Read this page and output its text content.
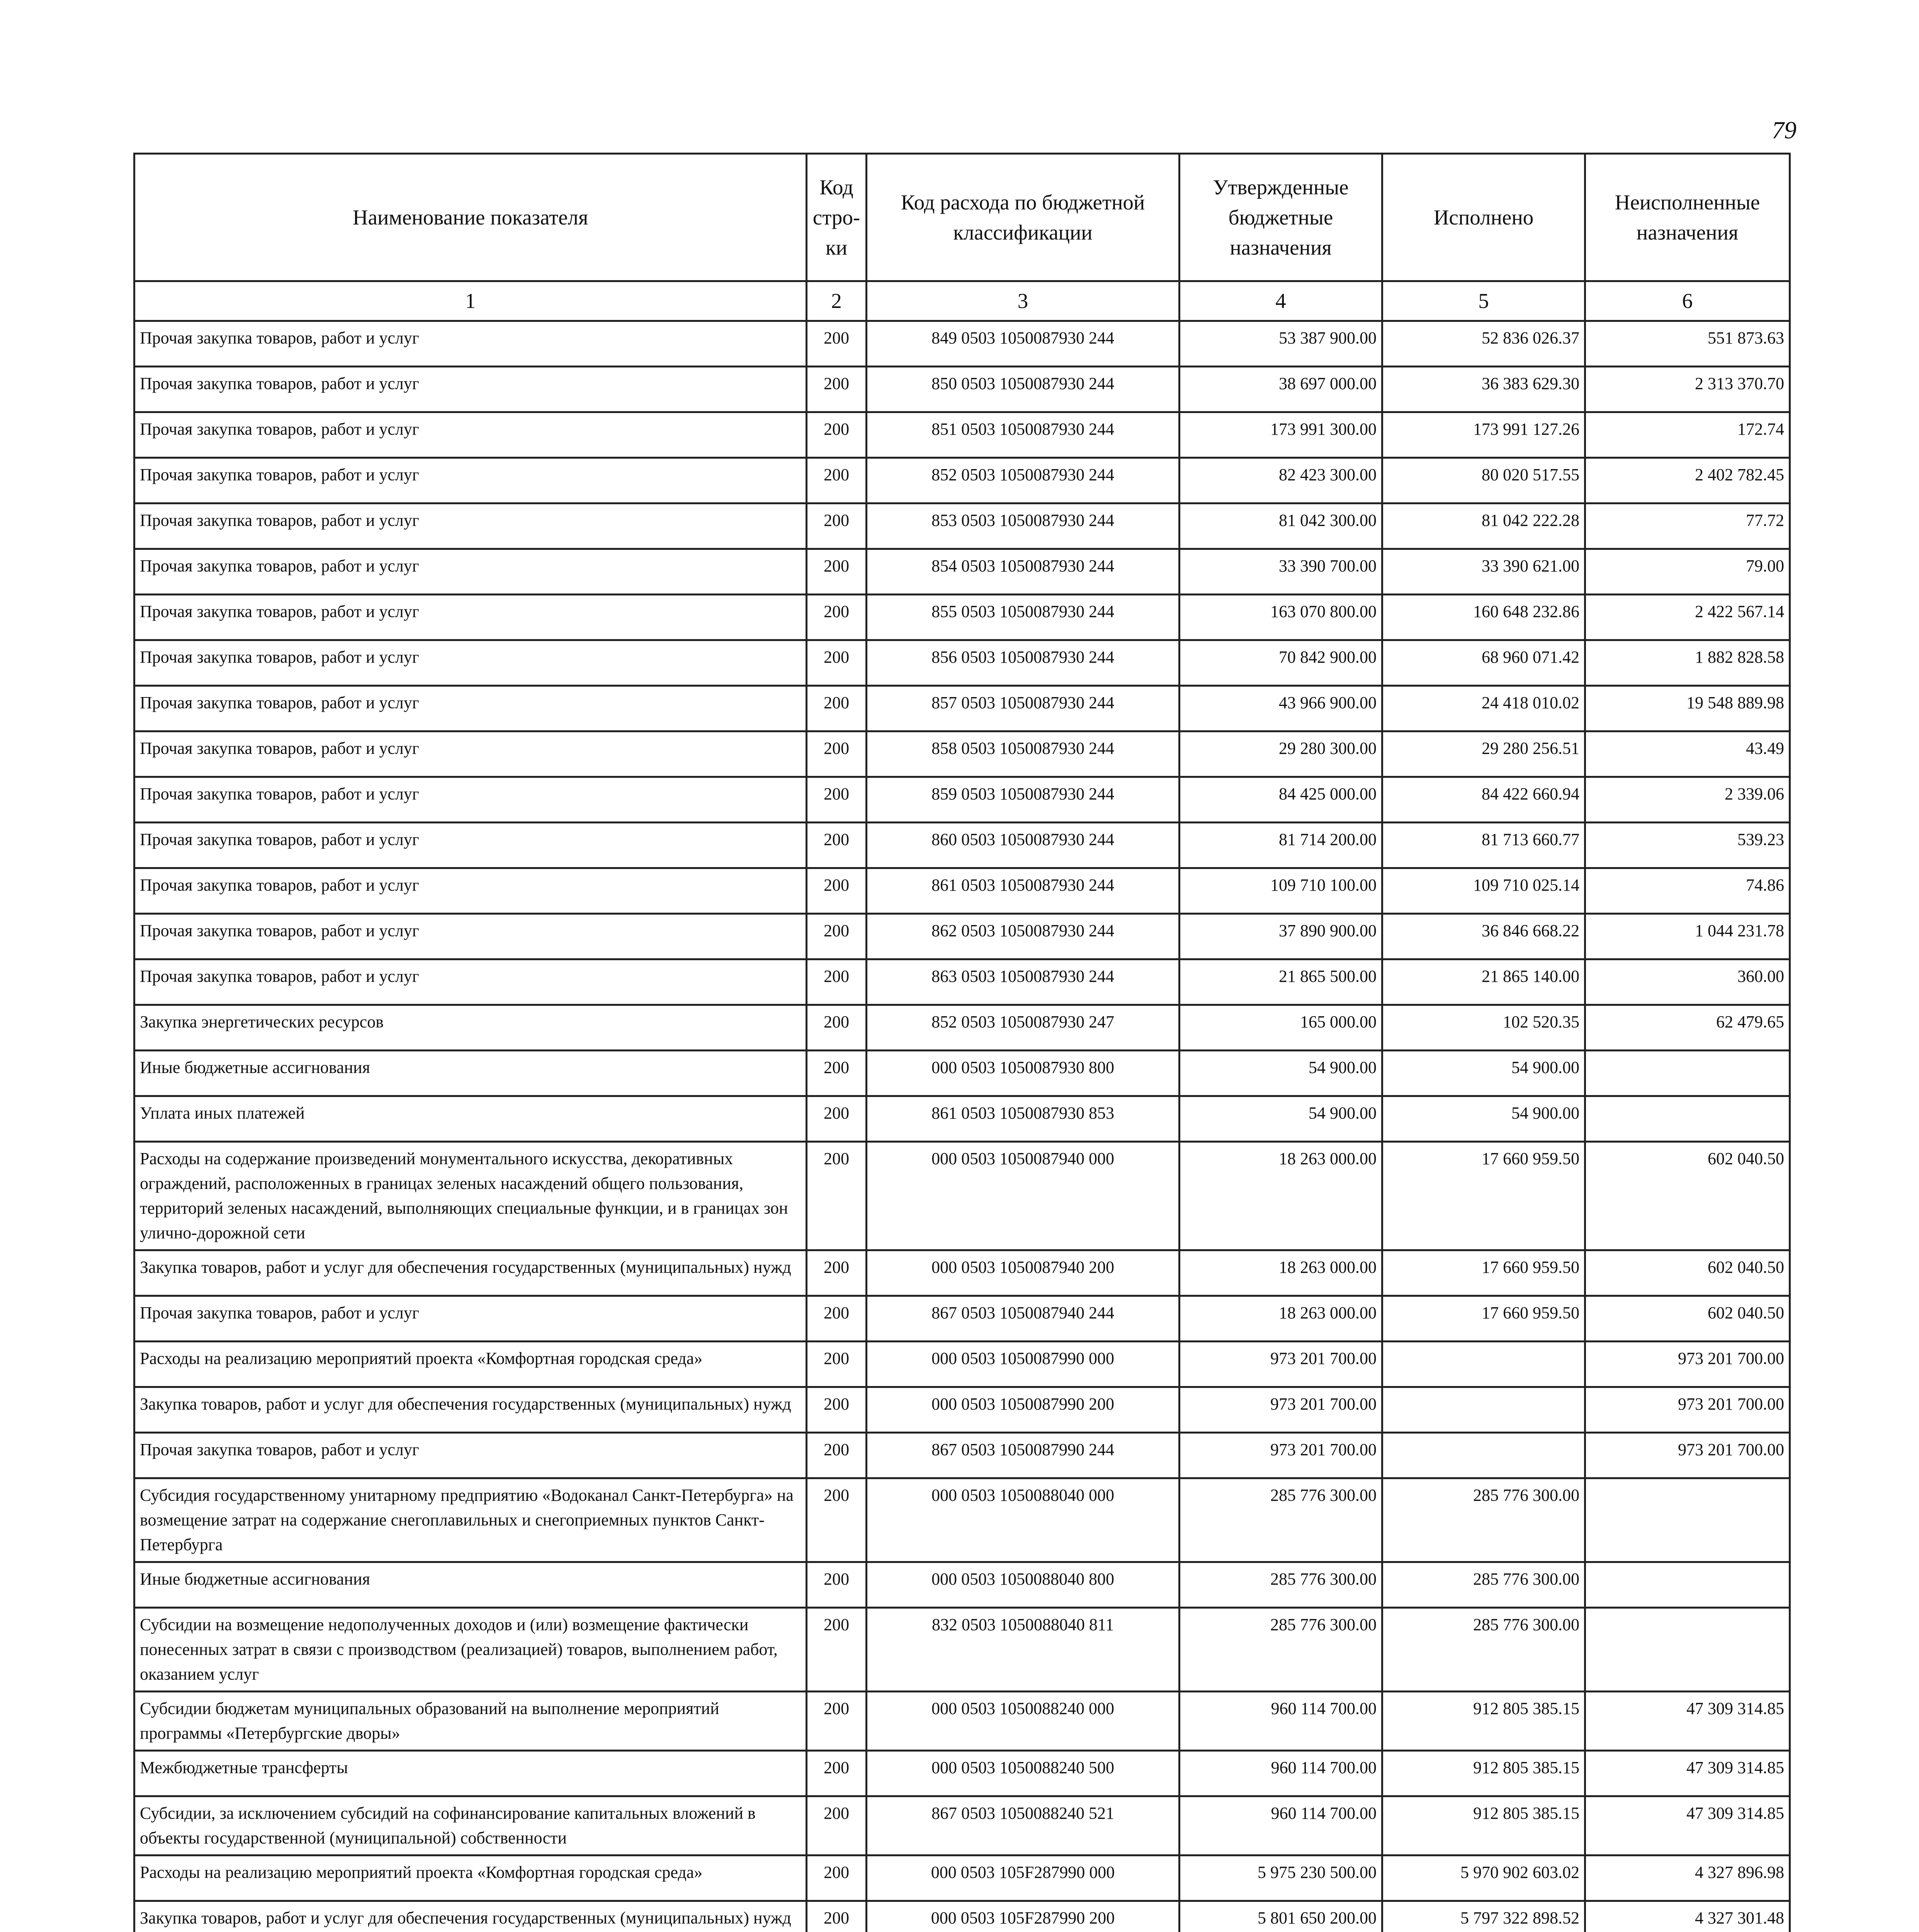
79
Наименование показателя	Код стро-ки	Код расхода по бюджетной классификации	Утвержденные бюджетные назначения	Исполнено	Неисполненные назначения
1	2	3	4	5	6
Прочая закупка товаров, работ и услуг	200	849 0503 1050087930 244	53 387 900.00	52 836 026.37	551 873.63
Прочая закупка товаров, работ и услуг	200	850 0503 1050087930 244	38 697 000.00	36 383 629.30	2 313 370.70
Прочая закупка товаров, работ и услуг	200	851 0503 1050087930 244	173 991 300.00	173 991 127.26	172.74
Прочая закупка товаров, работ и услуг	200	852 0503 1050087930 244	82 423 300.00	80 020 517.55	2 402 782.45
Прочая закупка товаров, работ и услуг	200	853 0503 1050087930 244	81 042 300.00	81 042 222.28	77.72
Прочая закупка товаров, работ и услуг	200	854 0503 1050087930 244	33 390 700.00	33 390 621.00	79.00
Прочая закупка товаров, работ и услуг	200	855 0503 1050087930 244	163 070 800.00	160 648 232.86	2 422 567.14
Прочая закупка товаров, работ и услуг	200	856 0503 1050087930 244	70 842 900.00	68 960 071.42	1 882 828.58
Прочая закупка товаров, работ и услуг	200	857 0503 1050087930 244	43 966 900.00	24 418 010.02	19 548 889.98
Прочая закупка товаров, работ и услуг	200	858 0503 1050087930 244	29 280 300.00	29 280 256.51	43.49
Прочая закупка товаров, работ и услуг	200	859 0503 1050087930 244	84 425 000.00	84 422 660.94	2 339.06
Прочая закупка товаров, работ и услуг	200	860 0503 1050087930 244	81 714 200.00	81 713 660.77	539.23
Прочая закупка товаров, работ и услуг	200	861 0503 1050087930 244	109 710 100.00	109 710 025.14	74.86
Прочая закупка товаров, работ и услуг	200	862 0503 1050087930 244	37 890 900.00	36 846 668.22	1 044 231.78
Прочая закупка товаров, работ и услуг	200	863 0503 1050087930 244	21 865 500.00	21 865 140.00	360.00
Закупка энергетических ресурсов	200	852 0503 1050087930 247	165 000.00	102 520.35	62 479.65
Иные бюджетные ассигнования	200	000 0503 1050087930 800	54 900.00	54 900.00	
Уплата иных платежей	200	861 0503 1050087930 853	54 900.00	54 900.00	
Расходы на содержание произведений монументального искусства, декоративных ограждений, расположенных в границах зеленых насаждений общего пользования, территорий зеленых насаждений, выполняющих специальные функции, и в границах зон улично-дорожной сети	200	000 0503 1050087940 000	18 263 000.00	17 660 959.50	602 040.50
Закупка товаров, работ и услуг для обеспечения государственных (муниципальных) нужд	200	000 0503 1050087940 200	18 263 000.00	17 660 959.50	602 040.50
Прочая закупка товаров, работ и услуг	200	867 0503 1050087940 244	18 263 000.00	17 660 959.50	602 040.50
Расходы на реализацию мероприятий проекта «Комфортная городская среда»	200	000 0503 1050087990 000	973 201 700.00		973 201 700.00
Закупка товаров, работ и услуг для обеспечения государственных (муниципальных) нужд	200	000 0503 1050087990 200	973 201 700.00		973 201 700.00
Прочая закупка товаров, работ и услуг	200	867 0503 1050087990 244	973 201 700.00		973 201 700.00
Субсидия государственному унитарному предприятию «Водоканал Санкт-Петербурга» на возмещение затрат на содержание снегоплавильных и снегоприемных пунктов Санкт-Петербурга	200	000 0503 1050088040 000	285 776 300.00	285 776 300.00	
Иные бюджетные ассигнования	200	000 0503 1050088040 800	285 776 300.00	285 776 300.00	
Субсидии на возмещение недополученных доходов и (или) возмещение фактически понесенных затрат в связи с производством (реализацией) товаров, выполнением работ, оказанием услуг	200	832 0503 1050088040 811	285 776 300.00	285 776 300.00	
Субсидии бюджетам муниципальных образований на выполнение мероприятий программы «Петербургские дворы»	200	000 0503 1050088240 000	960 114 700.00	912 805 385.15	47 309 314.85
Межбюджетные трансферты	200	000 0503 1050088240 500	960 114 700.00	912 805 385.15	47 309 314.85
Субсидии, за исключением субсидий на софинансирование капитальных вложений в объекты государственной (муниципальной) собственности	200	867 0503 1050088240 521	960 114 700.00	912 805 385.15	47 309 314.85
Расходы на реализацию мероприятий проекта «Комфортная городская среда»	200	000 0503 105F287990 000	5 975 230 500.00	5 970 902 603.02	4 327 896.98
Закупка товаров, работ и услуг для обеспечения государственных (муниципальных) нужд	200	000 0503 105F287990 200	5 801 650 200.00	5 797 322 898.52	4 327 301.48
